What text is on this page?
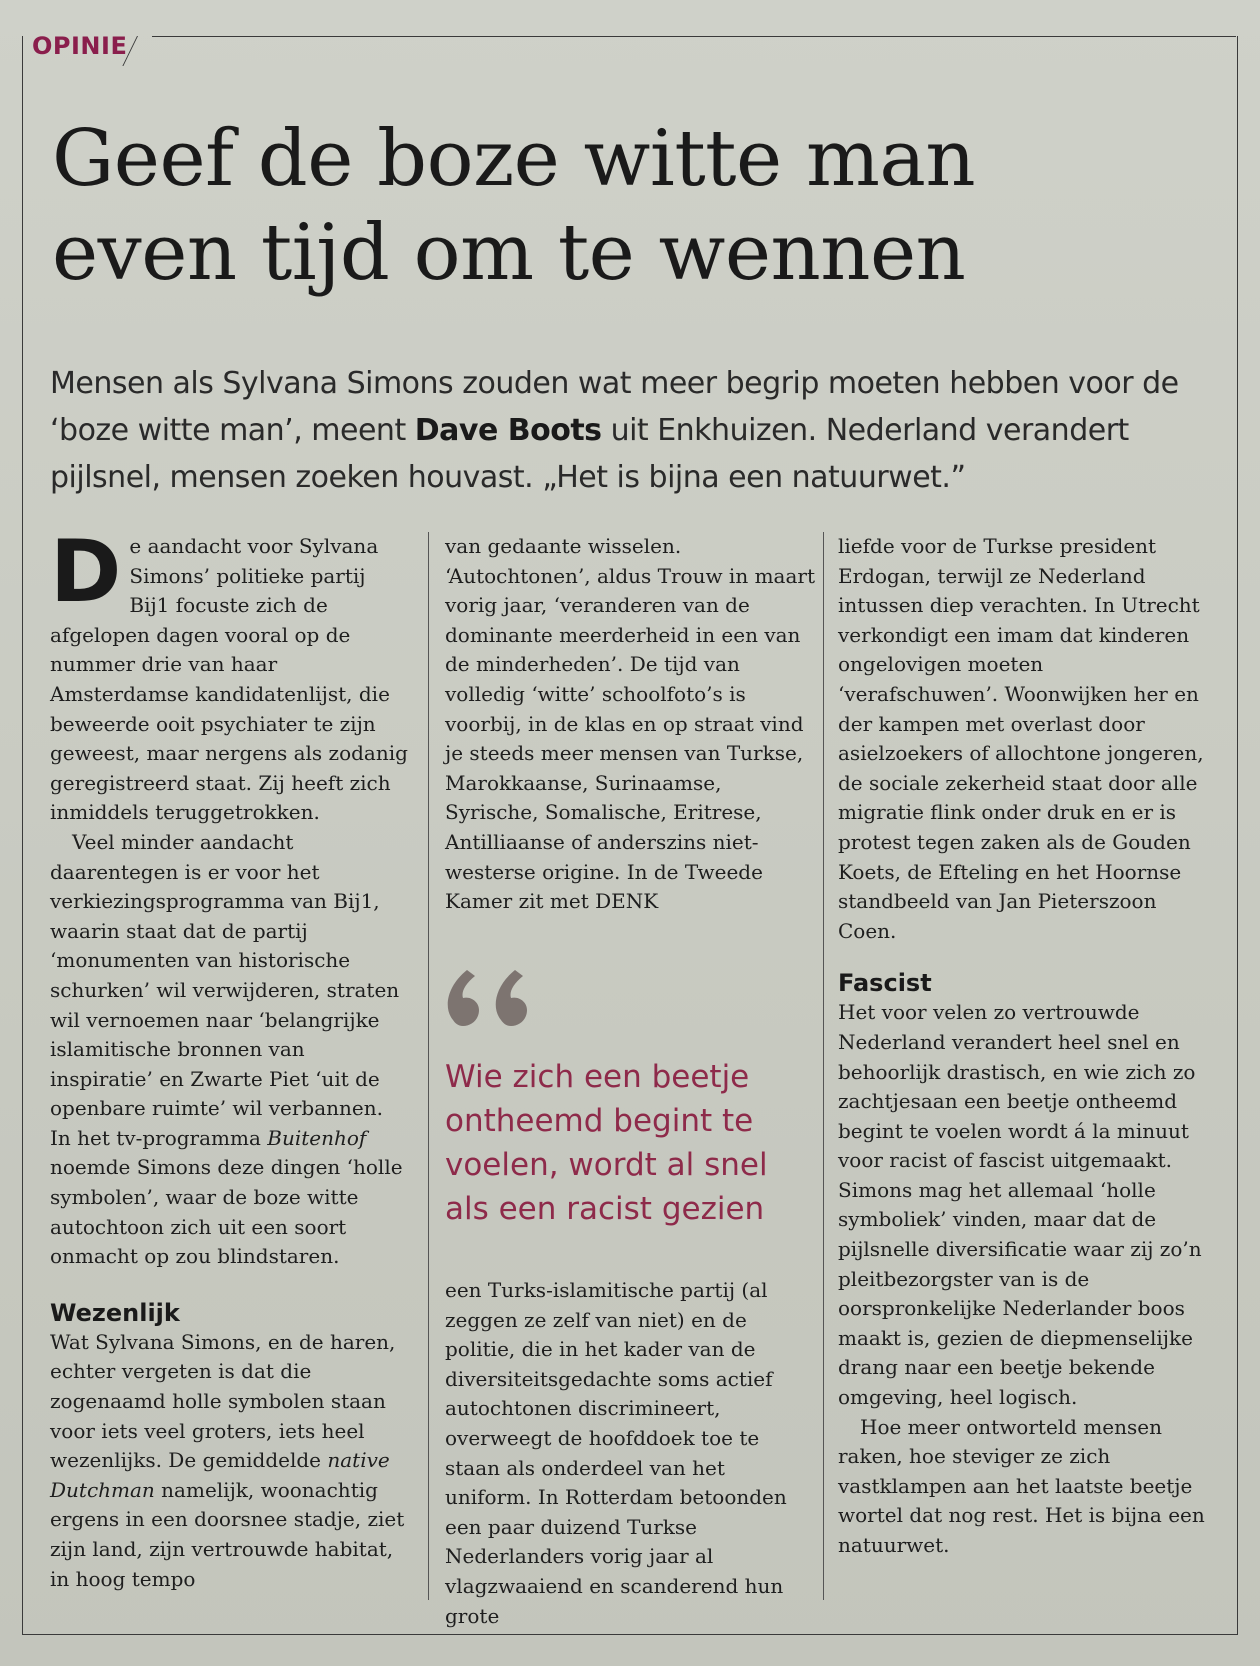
OPINIE
Geef de boze witte man
even tijd om te wennen

Mensen als Sylvana Simons zouden wat meer begrip moeten hebben voor de ‘boze witte man’, meent Dave Boots uit Enkhuizen. Nederland verandert pijlsnel, mensen zoeken houvast. „Het is bijna een natuurwet.”

De aandacht voor Sylvana Simons’ politieke partij Bij1 focuste zich de afgelopen dagen vooral op de nummer drie van haar Amsterdamse kandidatenlijst, die beweerde ooit psychiater te zijn geweest, maar nergens als zodanig geregistreerd staat. Zij heeft zich inmiddels teruggetrokken.

Veel minder aandacht daarentegen is er voor het verkiezingsprogramma van Bij1, waarin staat dat de partij ‘monumenten van historische schurken’ wil verwijderen, straten wil vernoemen naar ‘belangrijke islamitische bronnen van inspiratie’ en Zwarte Piet ‘uit de openbare ruimte’ wil verbannen. In het tv-programma Buitenhof noemde Simons deze dingen ‘holle symbolen’, waar de boze witte autochtoon zich uit een soort onmacht op zou blindstaren.

Wezenlijk

Wat Sylvana Simons, en de haren, echter vergeten is dat die zogenaamd holle symbolen staan voor iets veel groters, iets heel wezenlijks. De gemiddelde native Dutchman namelijk, woonachtig ergens in een doorsnee stadje, ziet zijn land, zijn vertrouwde habitat, in hoog tempo

van gedaante wisselen. ‘Autochtonen’, aldus Trouw in maart vorig jaar, ‘veranderen van de dominante meerderheid in een van de minderheden’. De tijd van volledig ‘witte’ schoolfoto’s is voorbij, in de klas en op straat vind je steeds meer mensen van Turkse, Marokkaanse, Surinaamse, Syrische, Somalische, Eritrese, Antilliaanse of anderszins niet-westerse origine. In de Tweede Kamer zit met DENK

Wie zich een beetje ontheemd begint te voelen, wordt al snel als een racist gezien

een Turks-islamitische partij (al zeggen ze zelf van niet) en de politie, die in het kader van de diversiteitsgedachte soms actief autochtonen discrimineert, overweegt de hoofddoek toe te staan als onderdeel van het uniform. In Rotterdam betoonden een paar duizend Turkse Nederlanders vorig jaar al vlagzwaaiend en scanderend hun grote

liefde voor de Turkse president Erdogan, terwijl ze Nederland intussen diep verachten. In Utrecht verkondigt een imam dat kinderen ongelovigen moeten ‘verafschuwen’. Woonwijken her en der kampen met overlast door asielzoekers of allochtone jongeren, de sociale zekerheid staat door alle migratie flink onder druk en er is protest tegen zaken als de Gouden Koets, de Efteling en het Hoornse standbeeld van Jan Pieterszoon Coen.

Fascist

Het voor velen zo vertrouwde Nederland verandert heel snel en behoorlijk drastisch, en wie zich zo zachtjesaan een beetje ontheemd begint te voelen wordt á la minuut voor racist of fascist uitgemaakt. Simons mag het allemaal ‘holle symboliek’ vinden, maar dat de pijlsnelle diversificatie waar zij zo’n pleitbezorgster van is de oorspronkelijke Nederlander boos maakt is, gezien de diepmenselijke drang naar een beetje bekende omgeving, heel logisch.

Hoe meer ontworteld mensen raken, hoe steviger ze zich vastklampen aan het laatste beetje wortel dat nog rest. Het is bijna een natuurwet.
